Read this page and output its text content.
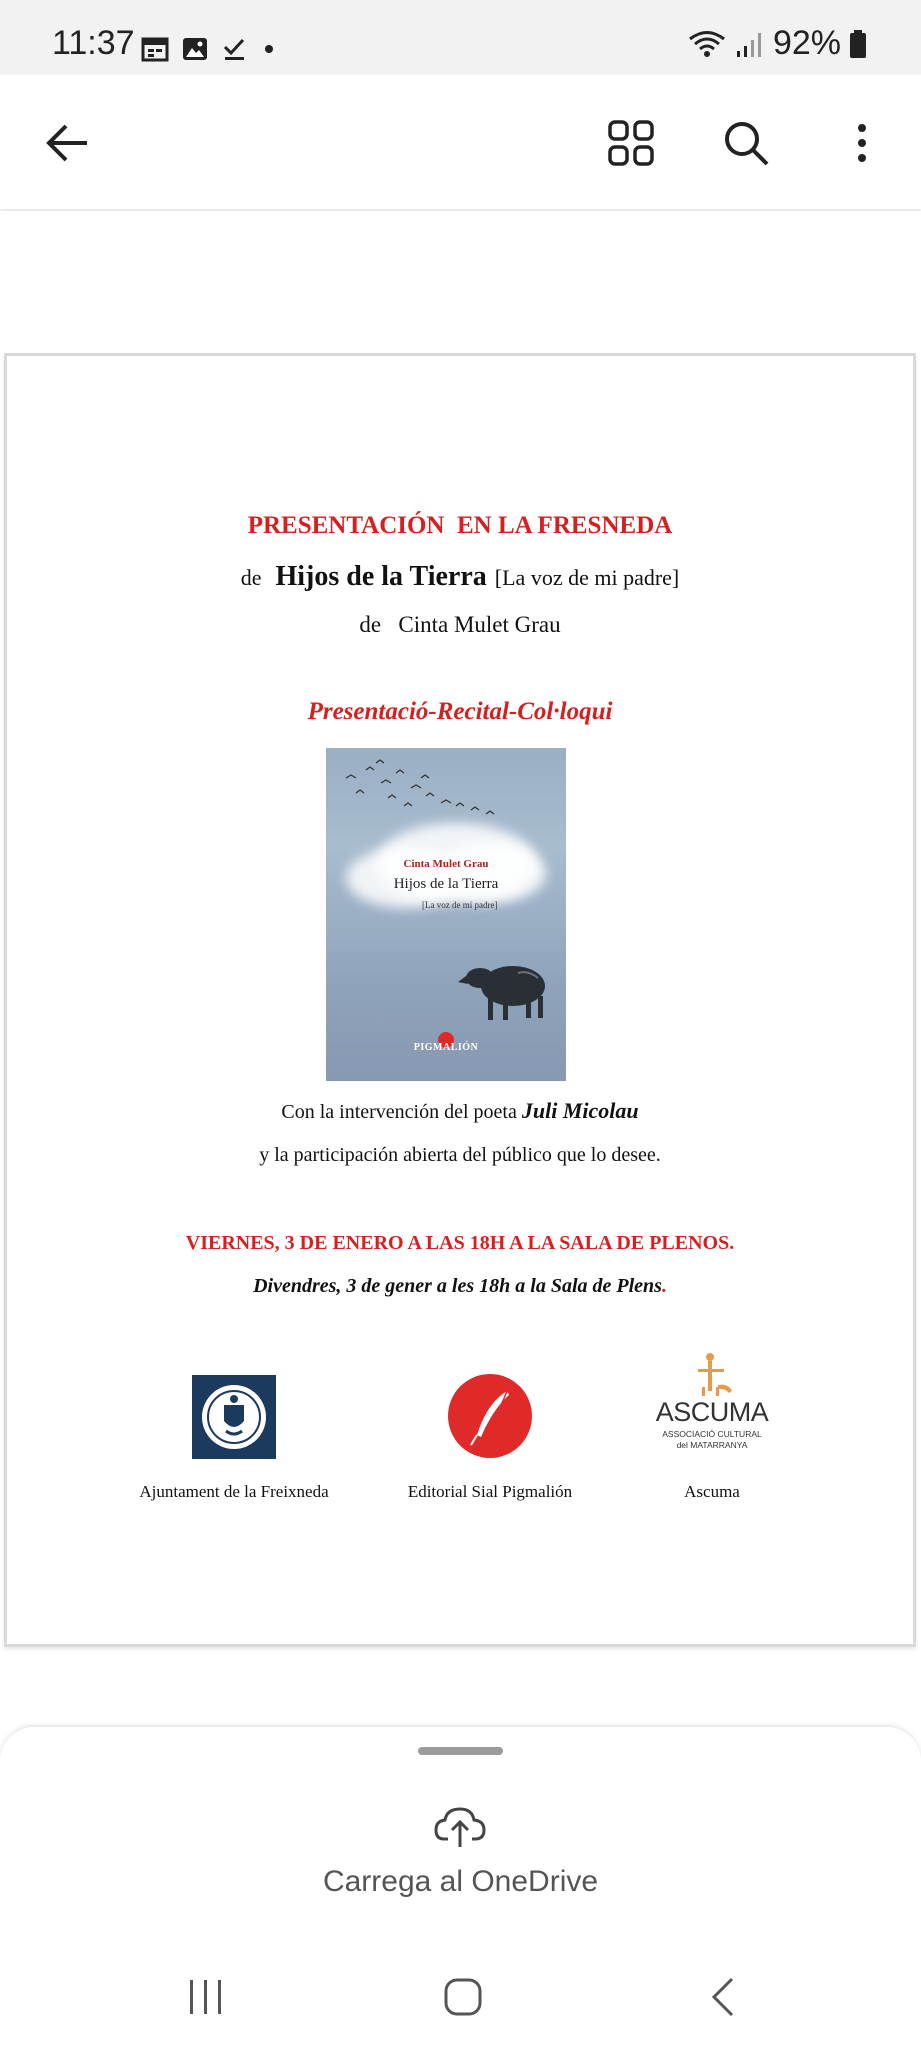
11:37	92%
PRESENTACIÓN  EN LA FRESNEDA
de Hijos de la Tierra [La voz de mi padre]
de Cinta Mulet Grau
Presentació-Recital-Col·loqui
Cinta Mulet Grau
Hijos de la Tierra
[La voz de mi padre]
PIGMALIÓN
Con la intervención del poeta Juli Micolau
y la participación abierta del público que lo desee.
VIERNES, 3 DE ENERO A LAS 18H A LA SALA DE PLENOS.
Divendres, 3 de gener a les 18h a la Sala de Plens.
Ajuntament de la Freixneda	Editorial Sial Pigmalión
ASCUMA
ASSOCIACIÓ CULTURAL
del MATARRANYA
Ascuma
Carrega al OneDrive
